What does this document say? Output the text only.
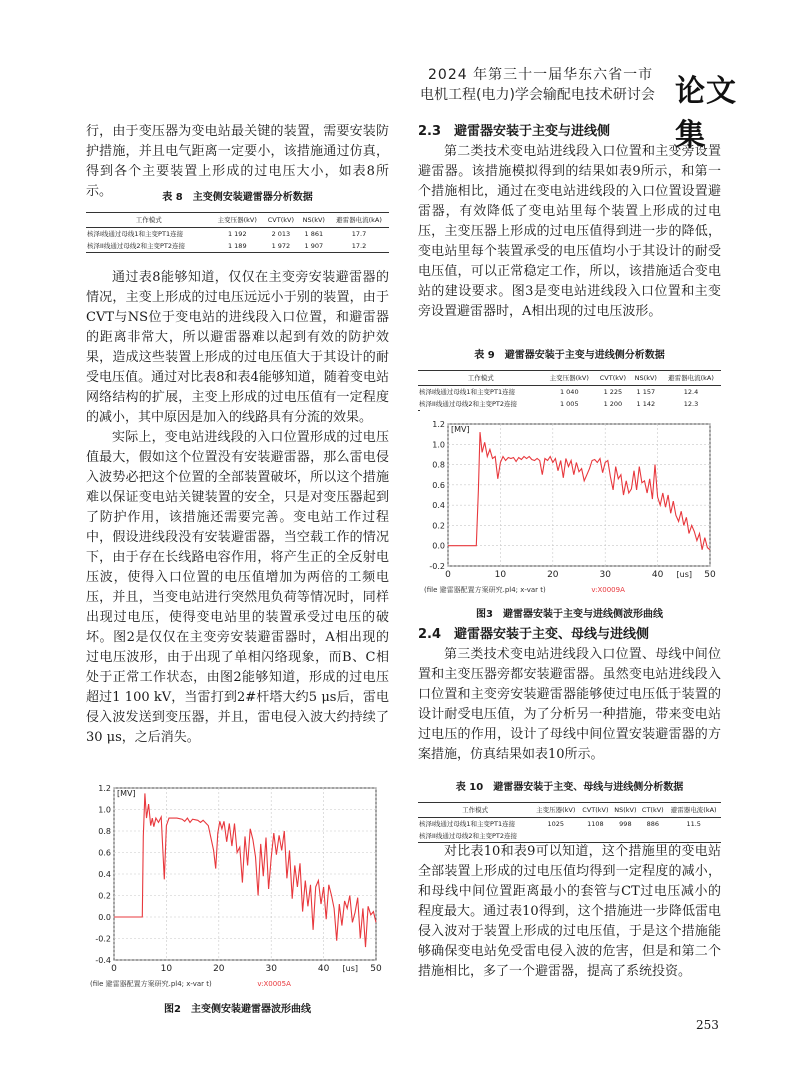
2024 年第三十一届华东六省一市
电机工程(电力)学会输配电技术研讨会 论文集

行，由于变压器为变电站最关键的装置，需要安装防护措施，并且电气距离一定要小，该措施通过仿真，得到各个主要装置上形成的过电压大小，如表8所示。	表 8　主变侧安装避雷器分析数据
工作模式	主变压器(kV)	CVT(kV)	NS(kV)	避雷器电流(kA)
核泽I线通过母线1和主变PT1连接	1 192	2 013	1 861	17.7
核泽II线通过母线2和主变PT2连接	1 189	1 972	1 907	17.2

通过表8能够知道，仅仅在主变旁安装避雷器的情况，主变上形成的过电压远远小于别的装置，由于CVT与NS位于变电站的进线段入口位置，和避雷器的距离非常大，所以避雷器难以起到有效的防护效果，造成这些装置上形成的过电压值大于其设计的耐受电压值。通过对比表8和表4能够知道，随着变电站网络结构的扩展，主变上形成的过电压值有一定程度的减小，其中原因是加入的线路具有分流的效果。

实际上，变电站进线段的入口位置形成的过电压值最大，假如这个位置没有安装避雷器，那么雷电侵入波势必把这个位置的全部装置破坏，所以这个措施难以保证变电站关键装置的安全，只是对变压器起到了防护作用，该措施还需要完善。变电站工作过程中，假设进线段没有安装避雷器，当空载工作的情况下，由于存在长线路电容作用，将产生正的全反射电压波，使得入口位置的电压值增加为两倍的工频电压，并且，当变电站进行突然甩负荷等情况时，同样出现过电压，使得变电站里的装置承受过电压的破坏。图2是仅仅在主变旁安装避雷器时，A相出现的过电压波形，由于出现了单相闪络现象，而B、C相处于正常工作状态，由图2能够知道，形成的过电压超过1 100 kV，当雷打到2#杆塔大约5 μs后，雷电侵入波发送到变压器，并且，雷电侵入波大约持续了30 μs，之后消失。

1.2
1.0
0.8
0.6
0.4
0.2
0.0
-0.2
-0.4
0	10	20	30	40	50
[MV]
[us]
(file 避雷器配置方案研究.pl4; x-var t)	v:X0005A
图2　主变侧安装避雷器波形曲线
2.3　避雷器安装于主变与进线侧

第二类技术变电站进线段入口位置和主变旁设置避雷器。该措施模拟得到的结果如表9所示，和第一个措施相比，通过在变电站进线段的入口位置设置避雷器，有效降低了变电站里每个装置上形成的过电压，主变压器上形成的过电压值得到进一步的降低，变电站里每个装置承受的电压值均小于其设计的耐受电压值，可以正常稳定工作，所以，该措施适合变电站的建设要求。图3是变电站进线段入口位置和主变旁设置避雷器时，A相出现的过电压波形。

表 9　避雷器安装于主变与进线侧分析数据
工作模式	主变压器(kV)	CVT(kV)	NS(kV)	避雷器电流(kA)
核泽I线通过母线1和主变PT1连接	1 040	1 225	1 157	12.4
核泽II线通过母线2和主变PT2连接	1 005	1 200	1 142	12.3
1.2
1.0
0.8
0.6
0.4
0.2
0.0
-0.2
0	10	20	30	40	50
[MV]
[us]
(file 避雷器配置方案研究.pl4; x-var t)	v:X0009A
图3　避雷器安装于主变与进线侧波形曲线
2.4　避雷器安装于主变、母线与进线侧

第三类技术变电站进线段入口位置、母线中间位置和主变压器旁都安装避雷器。虽然变电站进线段入口位置和主变旁安装避雷器能够使过电压低于装置的设计耐受电压值，为了分析另一种措施，带来变电站过电压的作用，设计了母线中间位置安装避雷器的方案措施，仿真结果如表10所示。

表 10　避雷器安装于主变、母线与进线侧分析数据
工作模式	主变压器(kV)	CVT(kV)	NS(kV)	CT(kV)	避雷器电流(kA)
核泽I线通过母线1和主变PT1连接	1025	1108	998	886	11.5
核泽II线通过母线2和主变PT2连接					

对比表10和表9可以知道，这个措施里的变电站全部装置上形成的过电压值均得到一定程度的减小，和母线中间位置距离最小的套管与CT过电压减小的程度最大。通过表10得到，这个措施进一步降低雷电侵入波对于装置上形成的过电压值，于是这个措施能够确保变电站免受雷电侵入波的危害，但是和第二个措施相比，多了一个避雷器，提高了系统投资。

253
